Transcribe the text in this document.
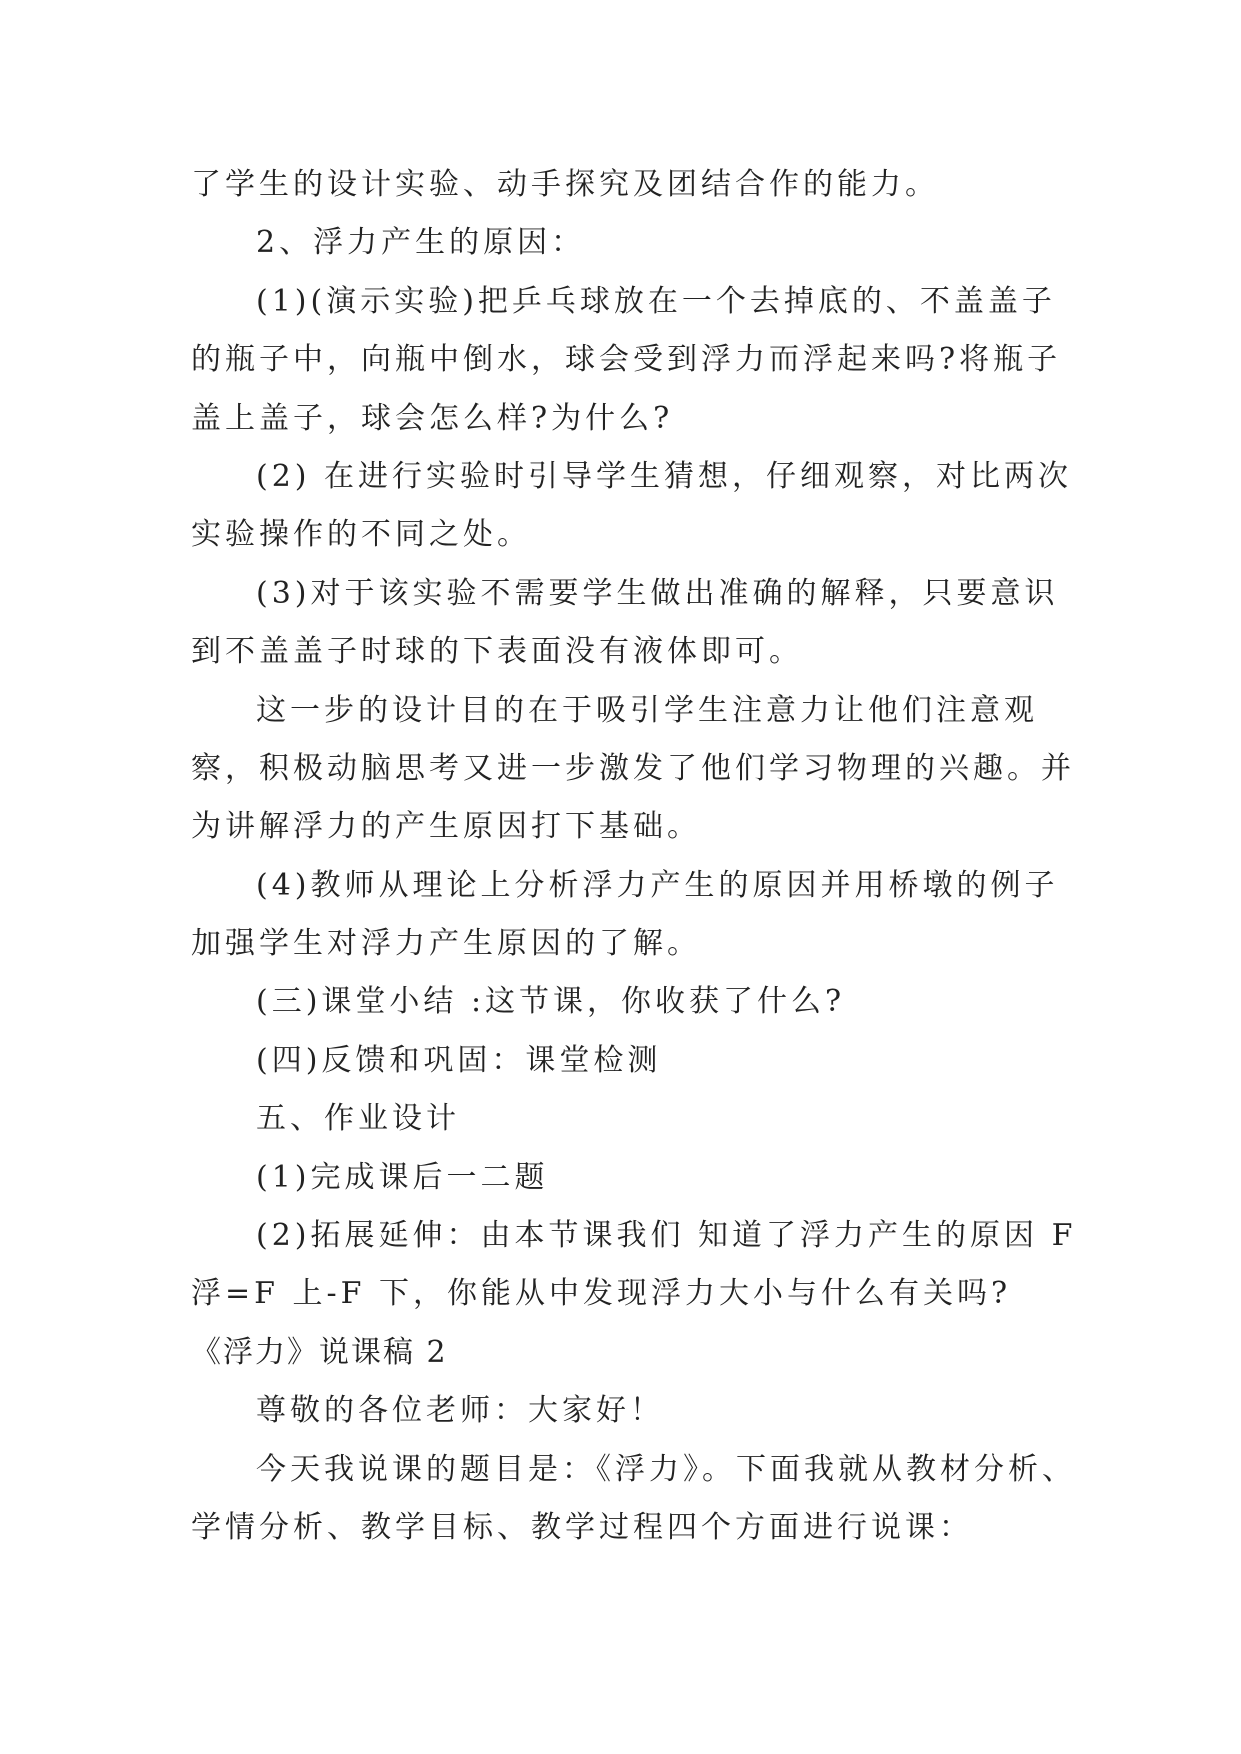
了学生的设计实验、动手探究及团结合作的能力。
2、浮力产生的原因：
(1)(演示实验)把乒乓球放在一个去掉底的、不盖盖子
的瓶子中，向瓶中倒水，球会受到浮力而浮起来吗?将瓶子
盖上盖子，球会怎么样?为什么?
(2) 在进行实验时引导学生猜想，仔细观察，对比两次
实验操作的不同之处。
(3)对于该实验不需要学生做出准确的解释，只要意识
到不盖盖子时球的下表面没有液体即可。
这一步的设计目的在于吸引学生注意力让他们注意观
察，积极动脑思考又进一步激发了他们学习物理的兴趣。并
为讲解浮力的产生原因打下基础。
(4)教师从理论上分析浮力产生的原因并用桥墩的例子
加强学生对浮力产生原因的了解。
(三)课堂小结 :这节课，你收获了什么?
(四)反馈和巩固：课堂检测
五、作业设计
(1)完成课后一二题
(2)拓展延伸：由本节课我们 知道了浮力产生的原因 F
浮=F 上-F 下，你能从中发现浮力大小与什么有关吗?
《浮力》说课稿 2
尊敬的各位老师：大家好！
今天我说课的题目是：《浮力》。下面我就从教材分析、
学情分析、教学目标、教学过程四个方面进行说课：
